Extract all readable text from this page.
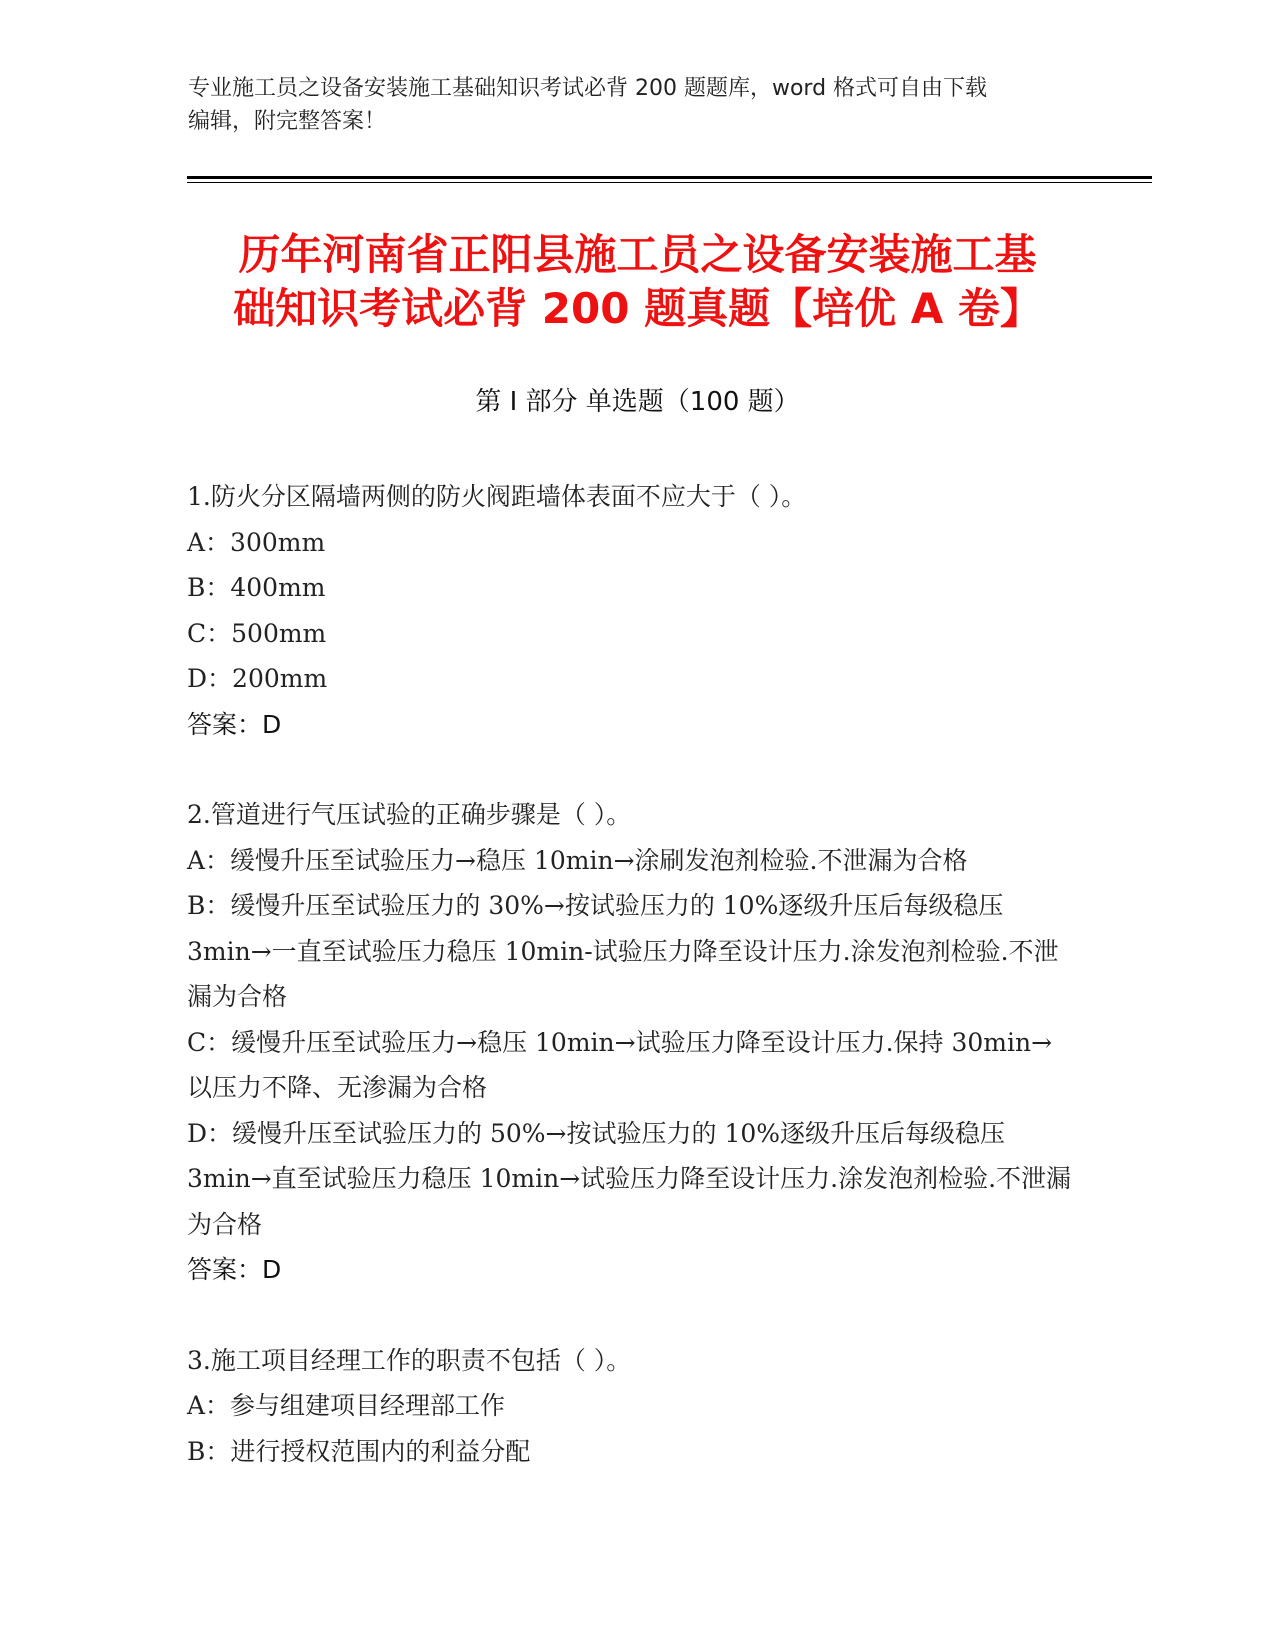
专业施工员之设备安装施工基础知识考试必背 200 题题库，word 格式可自由下载
编辑，附完整答案！
历年河南省正阳县施工员之设备安装施工基
础知识考试必背 200 题真题【培优 A 卷】
第 I 部分 单选题（100 题）

1.防火分区隔墙两侧的防火阀距墙体表面不应大于（ ）。

A：300mm

B：400mm

C：500mm

D：200mm

答案：D

2.管道进行气压试验的正确步骤是（ ）。

A：缓慢升压至试验压力→稳压 10min→涂刷发泡剂检验.不泄漏为合格

B：缓慢升压至试验压力的 30%→按试验压力的 10%逐级升压后每级稳压 3min→一直至试验压力稳压 10min-试验压力降至设计压力.涂发泡剂检验.不泄漏为合格

C：缓慢升压至试验压力→稳压 10min→试验压力降至设计压力.保持 30min→以压力不降、无渗漏为合格

D：缓慢升压至试验压力的 50%→按试验压力的 10%逐级升压后每级稳压 3min→直至试验压力稳压 10min→试验压力降至设计压力.涂发泡剂检验.不泄漏为合格

答案：D

3.施工项目经理工作的职责不包括（ ）。

A：参与组建项目经理部工作

B：进行授权范围内的利益分配
